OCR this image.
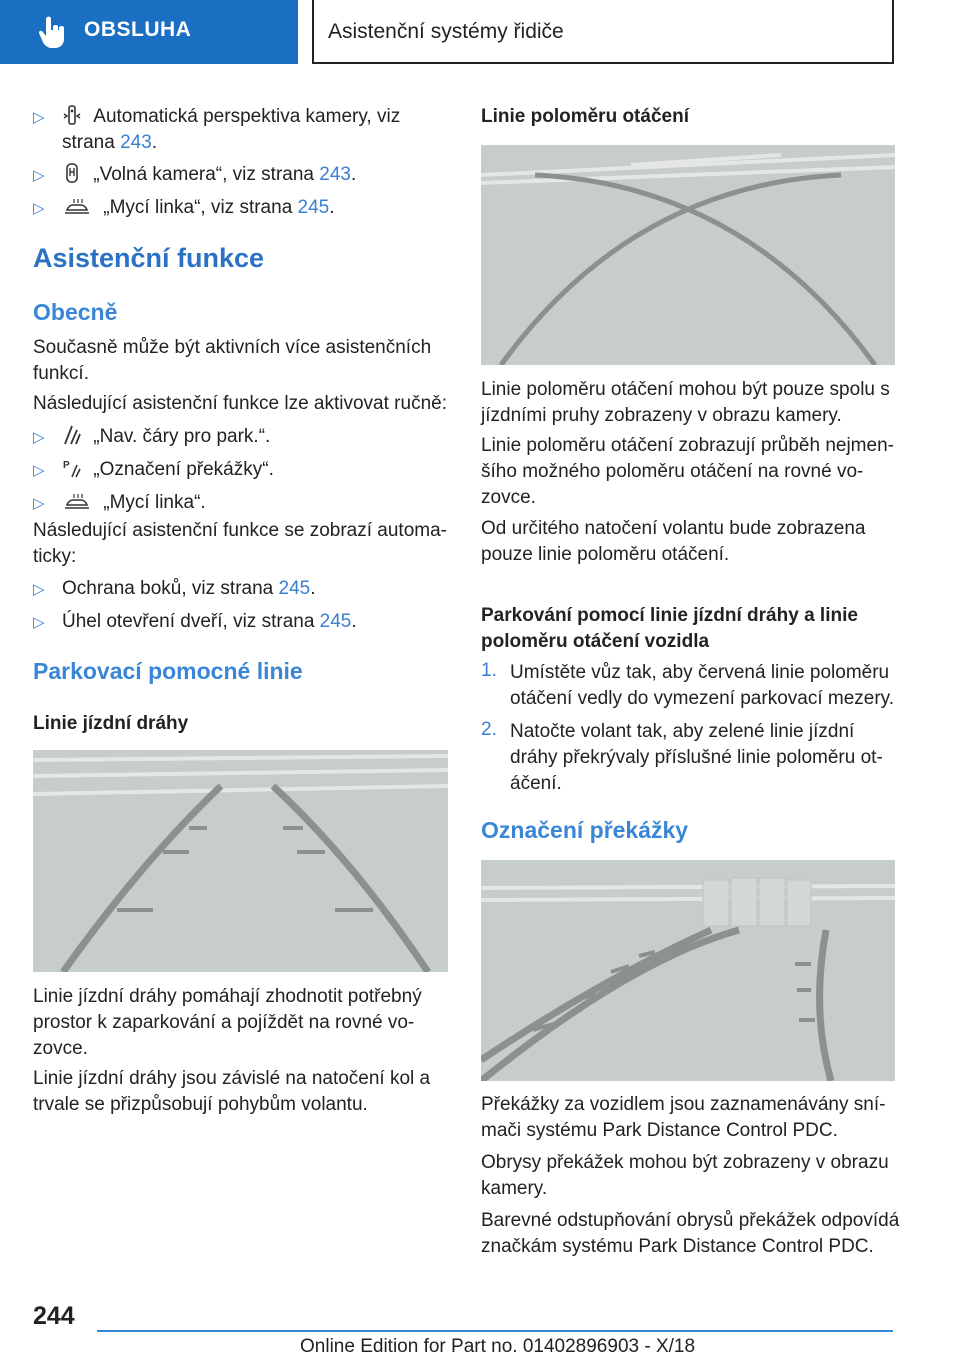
OBSLUHA	Asistenční systémy řidiče
▷	Automatická perspektiva kamery, viz
strana 243.
▷	„Volná kamera“, viz strana 243.
▷	„Mycí linka“, viz strana 245.
Asistenční funkce
Obecně
Současně může být aktivních více asistenčních
funkcí.
Následující asistenční funkce lze aktivovat ručně:
▷	„Nav. čáry pro park.“.
▷ P „Označení překážky“.
▷	„Mycí linka“.
Následující asistenční funkce se zobrazí automa‐
ticky:
▷ Ochrana boků, viz strana 245.
▷ Úhel otevření dveří, viz strana 245.
Parkovací pomocné linie
Linie jízdní dráhy
Linie jízdní dráhy pomáhají zhodnotit potřebný
prostor k zaparkování a pojíždět na rovné vo‐
zovce.
Linie jízdní dráhy jsou závislé na natočení kol a
trvale se přizpůsobují pohybům volantu.
Linie poloměru otáčení
Linie poloměru otáčení mohou být pouze spolu s
jízdními pruhy zobrazeny v obrazu kamery.
Linie poloměru otáčení zobrazují průběh nejmen‐
šího možného poloměru otáčení na rovné vo‐
zovce.
Od určitého natočení volantu bude zobrazena
pouze linie poloměru otáčení.
Parkování pomocí linie jízdní dráhy a linie
poloměru otáčení vozidla
1. Umístěte vůz tak, aby červená linie poloměru
otáčení vedly do vymezení parkovací mezery.
2. Natočte volant tak, aby zelené linie jízdní
dráhy překrývaly příslušné linie poloměru ot‐
áčení.
Označení překážky
Překážky za vozidlem jsou zaznamenávány sní‐
mači systému Park Distance Control PDC.
Obrysy překážek mohou být zobrazeny v obrazu
kamery.
Barevné odstupňování obrysů překážek odpovídá
značkám systému Park Distance Control PDC.
244
Online Edition for Part no. 01402896903 - X/18
